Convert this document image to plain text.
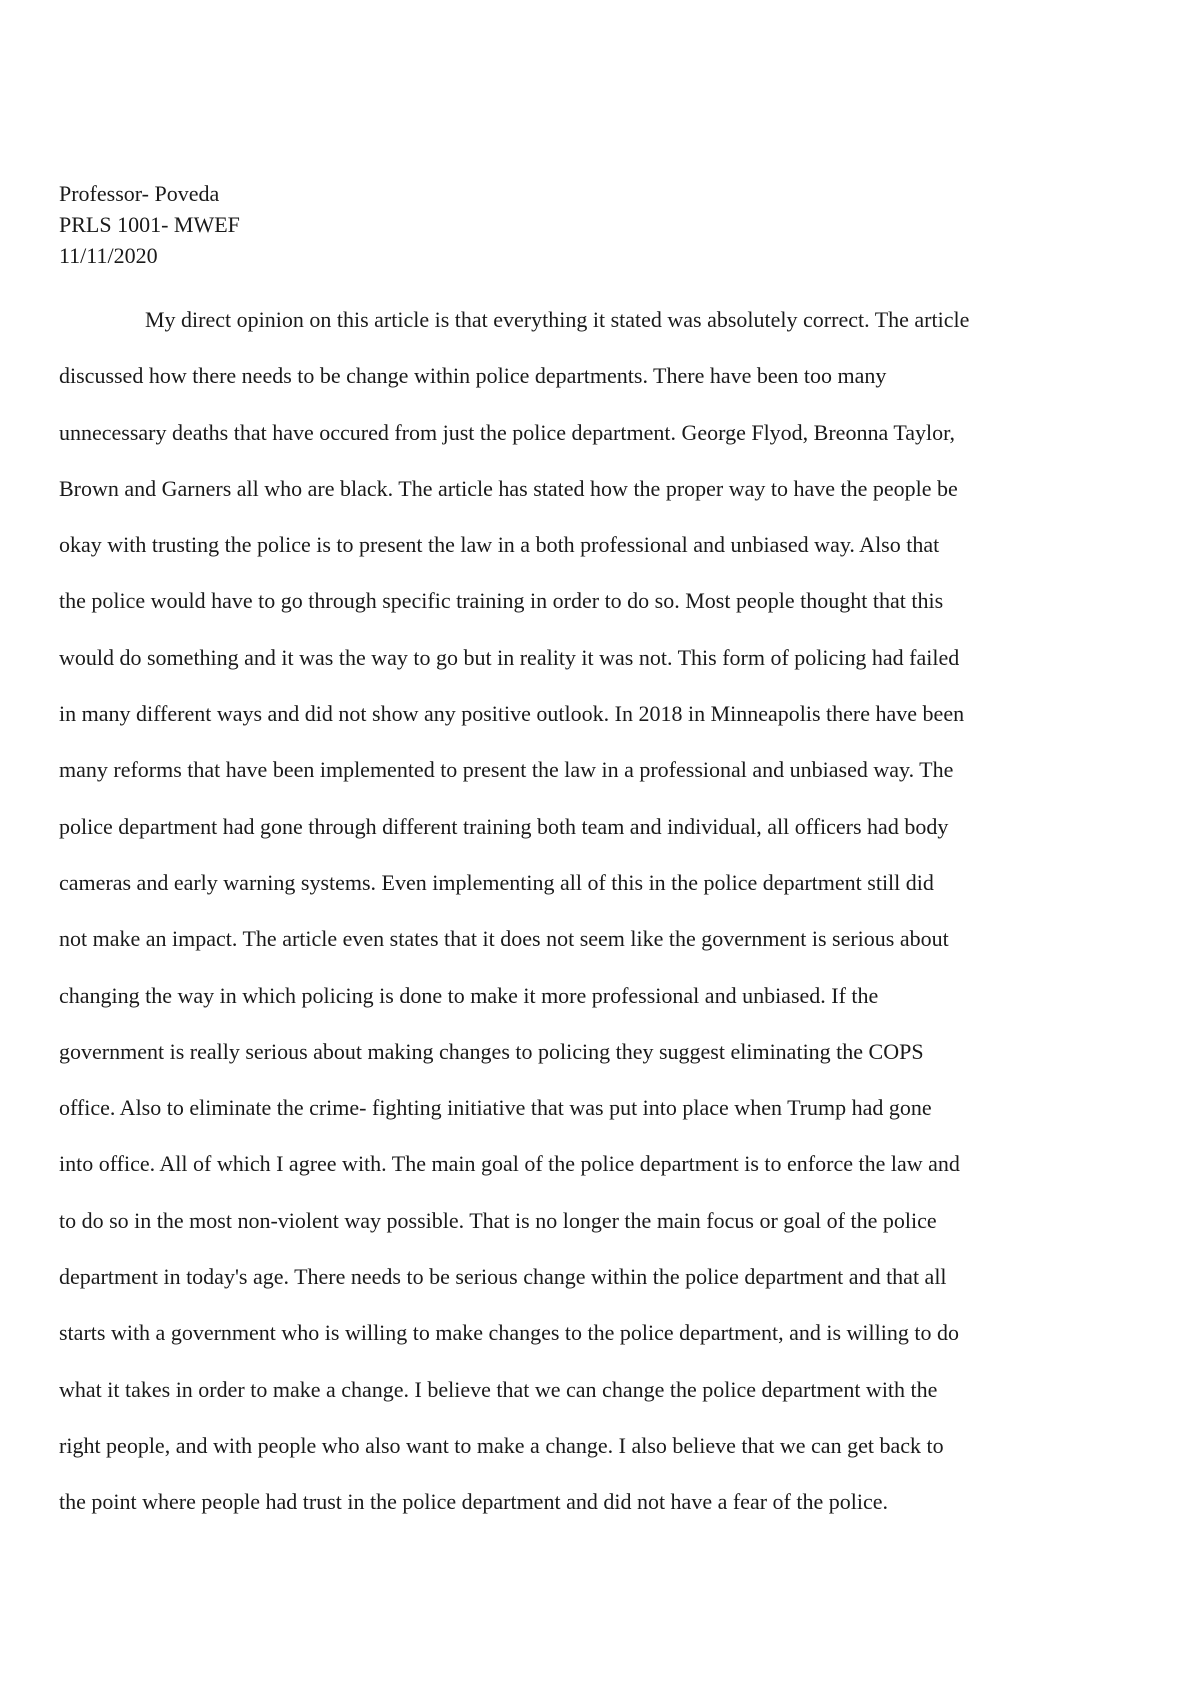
Professor- Poveda
PRLS 1001- MWEF
11/11/2020
My direct opinion on this article is that everything it stated was absolutely correct. The article
discussed how there needs to be change within police departments. There have been too many
unnecessary deaths that have occured from just the police department. George Flyod, Breonna Taylor,
Brown and Garners all who are black. The article has stated how the proper way to have the people be
okay with trusting the police is to present the law in a both professional and unbiased way. Also that
the police would have to go through specific training in order to do so. Most people thought that this
would do something and it was the way to go but in reality it was not. This form of policing had failed
in many different ways and did not show any positive outlook. In 2018 in Minneapolis there have been
many reforms that have been implemented to present the law in a professional and unbiased way. The
police department had gone through different training both team and individual, all officers had body
cameras and early warning systems. Even implementing all of this in the police department still did
not make an impact. The article even states that it does not seem like the government is serious about
changing the way in which policing is done to make it more professional and unbiased. If the
government is really serious about making changes to policing they suggest eliminating the COPS
office. Also to eliminate the crime- fighting initiative that was put into place when Trump had gone
into office. All of which I agree with. The main goal of the police department is to enforce the law and
to do so in the most non-violent way possible. That is no longer the main focus or goal of the police
department in today's age. There needs to be serious change within the police department and that all
starts with a government who is willing to make changes to the police department, and is willing to do
what it takes in order to make a change. I believe that we can change the police department with the
right people, and with people who also want to make a change. I also believe that we can get back to
the point where people had trust in the police department and did not have a fear of the police.
